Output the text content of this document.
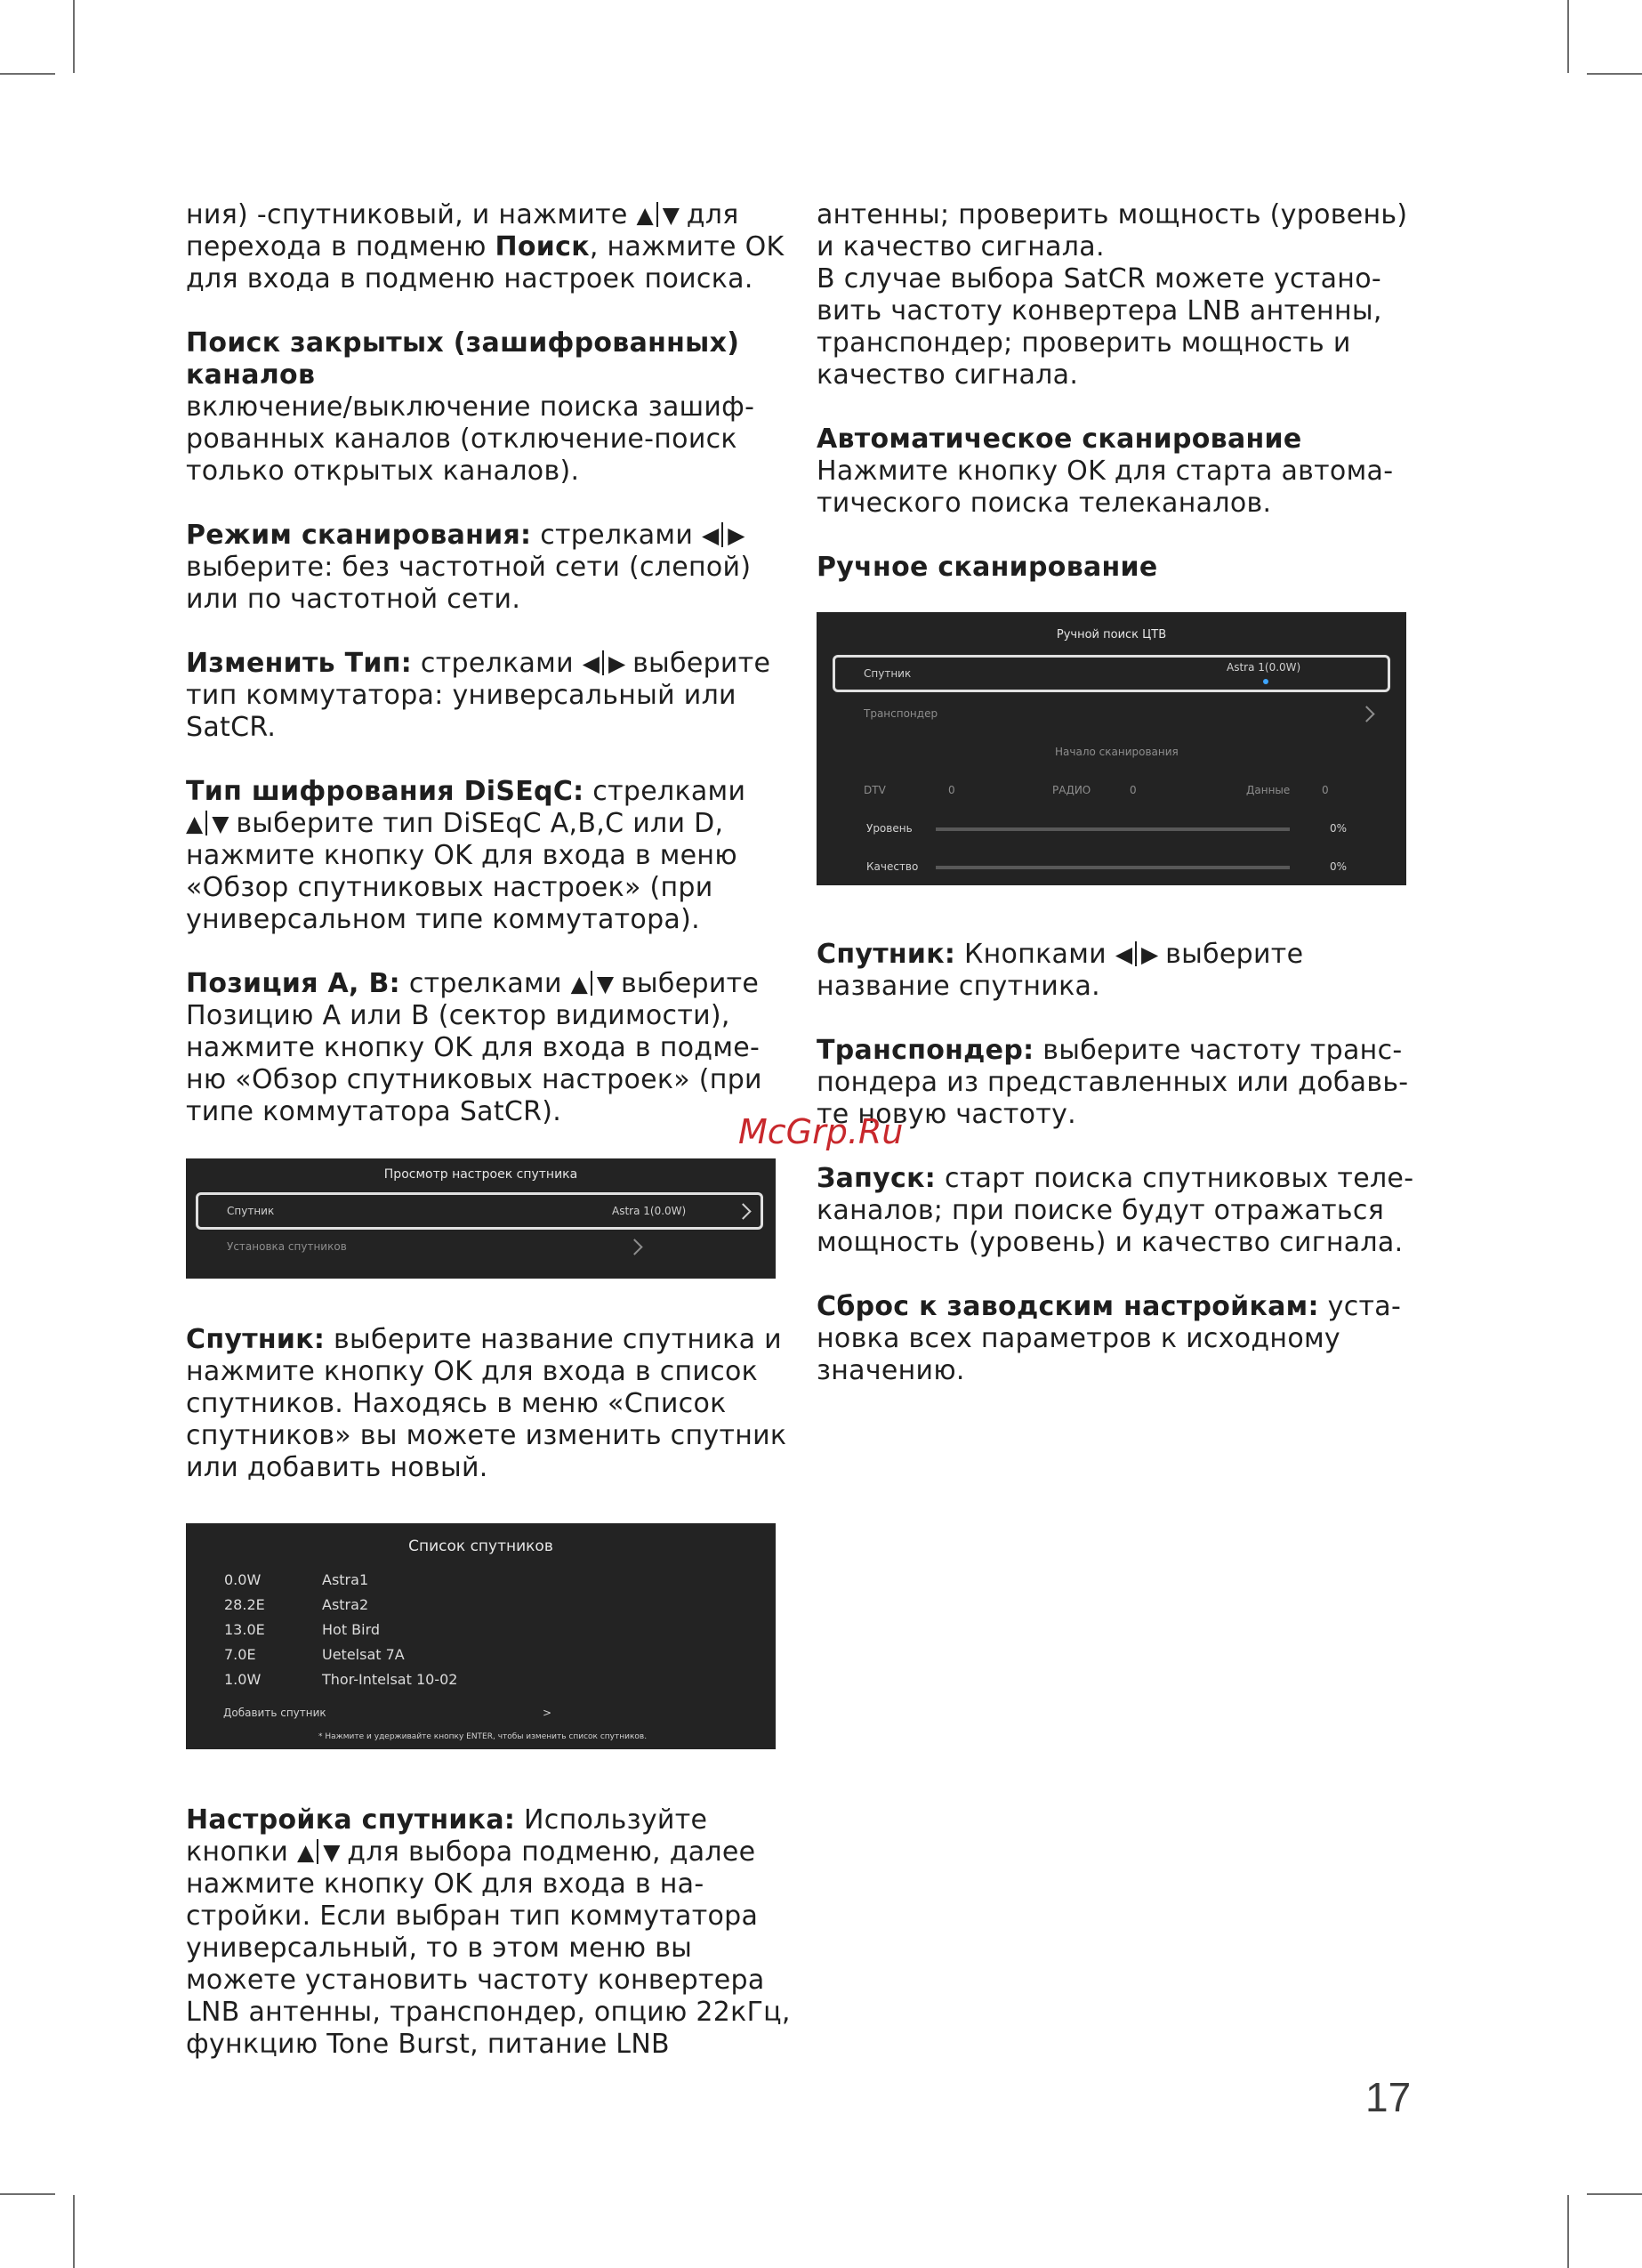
ния) -спутниковый, и нажмите ▲ ▼ для перехода в подменю Поиск, нажмите OK для входа в подменю настроек поиска.

Поиск закрытых (зашифрованных) каналов
включение/выключение поиска зашиф-рованных каналов (отключение-поиск только открытых каналов).

Режим сканирования: стрелками ◀ ▶ выберите: без частотной сети (слепой) или по частотной сети.

Изменить Тип: стрелками ◀ ▶ выберите тип коммутатора: универсальный или SatCR.

Тип шифрования DiSEqC: стрелками ▲ ▼ выберите тип DiSEqC A,B,C или D, нажмите кнопку OK для входа в меню «Обзор спутниковых настроек» (при универсальном типе коммутатора).

Позиция А, В: стрелками ▲ ▼ выберите Позицию А или В (сектор видимости), нажмите кнопку OK для входа в подме-ню «Обзор спутниковых настроек» (при типе коммутатора SatCR).

Просмотр настроек спутника
Спутник	Astra 1(0.0W)
Установка спутников

Спутник: выберите название спутника и нажмите кнопку OK для входа в список спутников. Находясь в меню «Список спутников» вы можете изменить спутник или добавить новый.

Список спутников
0.0W	Astra1
28.2E	Astra2
13.0E	Hot Bird
7.0E	Uetelsat 7A
1.0W	Thor-Intelsat 10-02
Добавить спутник	>
* Нажмите и удерживайте кнопку ENTER, чтобы изменить список спутников.

Настройка спутника: Используйте кнопки ▲ ▼ для выбора подменю, далее нажмите кнопку OK для входа в на-стройки. Если выбран тип коммутатора универсальный, то в этом меню вы можете установить частоту конвертера LNB антенны, транспондер, опцию 22кГц, функцию Tone Burst, питание LNB

антенны; проверить мощность (уровень) и качество сигнала.
В случае выбора SatCR можете устано-вить частоту конвертера LNB антенны, транспондер; проверить мощность и качество сигнала.

Автоматическое сканирование
Нажмите кнопку OK для старта автома-тического поиска телеканалов.

Ручное сканирование

Ручной поиск ЦТВ
Спутник	Astra 1(0.0W)
Транспондер
Начало сканирования
DTV	0	РАДИО	0	Данные	0
Уровень	0%
Качество	0%

Спутник: Кнопками ◀ ▶ выберите название спутника.

Транспондер: выберите частоту транс-пондера из представленных или добавь-те новую частоту.

Запуск: старт поиска спутниковых теле-каналов; при поиске будут отражаться мощность (уровень) и качество сигнала.

Сброс к заводским настройкам: уста-новка всех параметров к исходному значению.

McGrp.Ru
17
